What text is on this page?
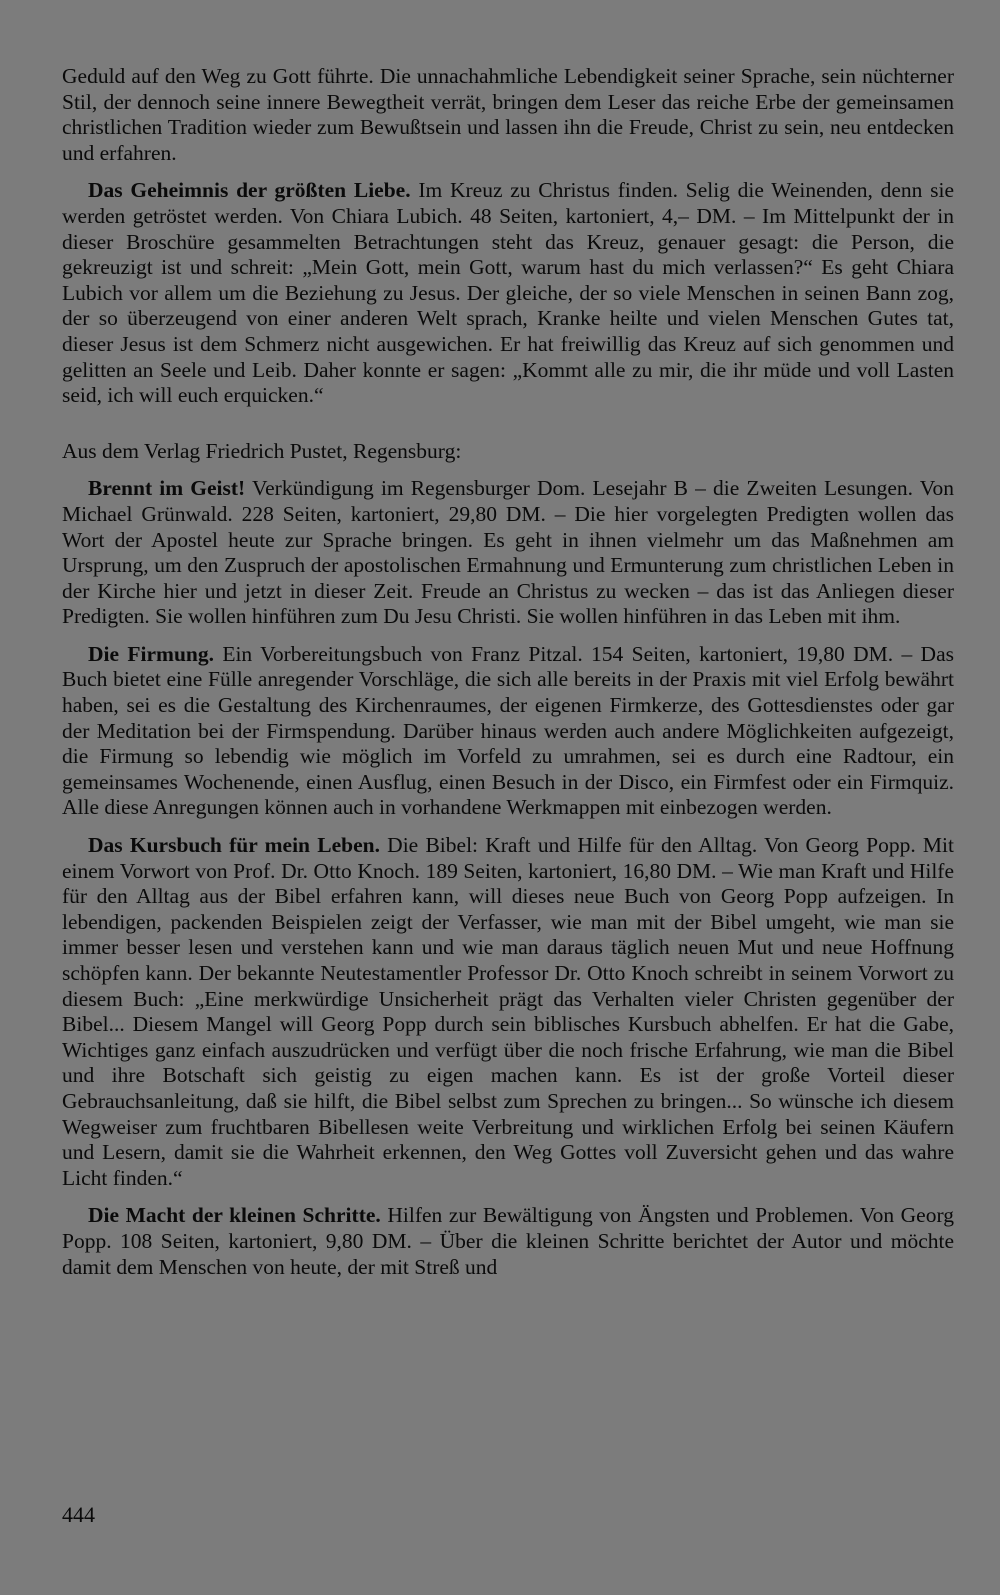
Geduld auf den Weg zu Gott führte. Die unnachahmliche Lebendigkeit seiner Sprache, sein nüchterner Stil, der dennoch seine innere Bewegtheit verrät, bringen dem Leser das reiche Erbe der gemeinsamen christlichen Tradition wieder zum Bewußtsein und lassen ihn die Freude, Christ zu sein, neu entdecken und erfahren.

Das Geheimnis der größten Liebe. Im Kreuz zu Christus finden. Selig die Weinenden, denn sie werden getröstet werden. Von Chiara Lubich. 48 Seiten, kartoniert, 4,– DM. – Im Mittelpunkt der in dieser Broschüre gesammelten Betrachtungen steht das Kreuz, genauer gesagt: die Person, die gekreuzigt ist und schreit: „Mein Gott, mein Gott, warum hast du mich verlassen?“ Es geht Chiara Lubich vor allem um die Beziehung zu Jesus. Der gleiche, der so viele Menschen in seinen Bann zog, der so überzeugend von einer anderen Welt sprach, Kranke heilte und vielen Menschen Gutes tat, dieser Jesus ist dem Schmerz nicht ausgewichen. Er hat freiwillig das Kreuz auf sich genommen und gelitten an Seele und Leib. Daher konnte er sagen: „Kommt alle zu mir, die ihr müde und voll Lasten seid, ich will euch erquicken.“

Aus dem Verlag Friedrich Pustet, Regensburg:

Brennt im Geist! Verkündigung im Regensburger Dom. Lesejahr B – die Zweiten Lesungen. Von Michael Grünwald. 228 Seiten, kartoniert, 29,80 DM. – Die hier vorgelegten Predigten wollen das Wort der Apostel heute zur Sprache bringen. Es geht in ihnen vielmehr um das Maßnehmen am Ursprung, um den Zuspruch der apostolischen Ermahnung und Ermunterung zum christlichen Leben in der Kirche hier und jetzt in dieser Zeit. Freude an Christus zu wecken – das ist das Anliegen dieser Predigten. Sie wollen hinführen zum Du Jesu Christi. Sie wollen hinführen in das Leben mit ihm.

Die Firmung. Ein Vorbereitungsbuch von Franz Pitzal. 154 Seiten, kartoniert, 19,80 DM. – Das Buch bietet eine Fülle anregender Vorschläge, die sich alle bereits in der Praxis mit viel Erfolg bewährt haben, sei es die Gestaltung des Kirchenraumes, der eigenen Firmkerze, des Gottesdienstes oder gar der Meditation bei der Firmspendung. Darüber hinaus werden auch andere Möglichkeiten aufgezeigt, die Firmung so lebendig wie möglich im Vorfeld zu umrahmen, sei es durch eine Radtour, ein gemeinsames Wochenende, einen Ausflug, einen Besuch in der Disco, ein Firmfest oder ein Firmquiz. Alle diese Anregungen können auch in vorhandene Werkmappen mit einbezogen werden.

Das Kursbuch für mein Leben. Die Bibel: Kraft und Hilfe für den Alltag. Von Georg Popp. Mit einem Vorwort von Prof. Dr. Otto Knoch. 189 Seiten, kartoniert, 16,80 DM. – Wie man Kraft und Hilfe für den Alltag aus der Bibel erfahren kann, will dieses neue Buch von Georg Popp aufzeigen. In lebendigen, packenden Beispielen zeigt der Verfasser, wie man mit der Bibel umgeht, wie man sie immer besser lesen und verstehen kann und wie man daraus täglich neuen Mut und neue Hoffnung schöpfen kann. Der bekannte Neutestamentler Professor Dr. Otto Knoch schreibt in seinem Vorwort zu diesem Buch: „Eine merkwürdige Unsicherheit prägt das Verhalten vieler Christen gegenüber der Bibel... Diesem Mangel will Georg Popp durch sein biblisches Kursbuch abhelfen. Er hat die Gabe, Wichtiges ganz einfach auszudrücken und verfügt über die noch frische Erfahrung, wie man die Bibel und ihre Botschaft sich geistig zu eigen machen kann. Es ist der große Vorteil dieser Gebrauchsanleitung, daß sie hilft, die Bibel selbst zum Sprechen zu bringen... So wünsche ich diesem Wegweiser zum fruchtbaren Bibellesen weite Verbreitung und wirklichen Erfolg bei seinen Käufern und Lesern, damit sie die Wahrheit erkennen, den Weg Gottes voll Zuversicht gehen und das wahre Licht finden.“

Die Macht der kleinen Schritte. Hilfen zur Bewältigung von Ängsten und Problemen. Von Georg Popp. 108 Seiten, kartoniert, 9,80 DM. – Über die kleinen Schritte berichtet der Autor und möchte damit dem Menschen von heute, der mit Streß und

444
